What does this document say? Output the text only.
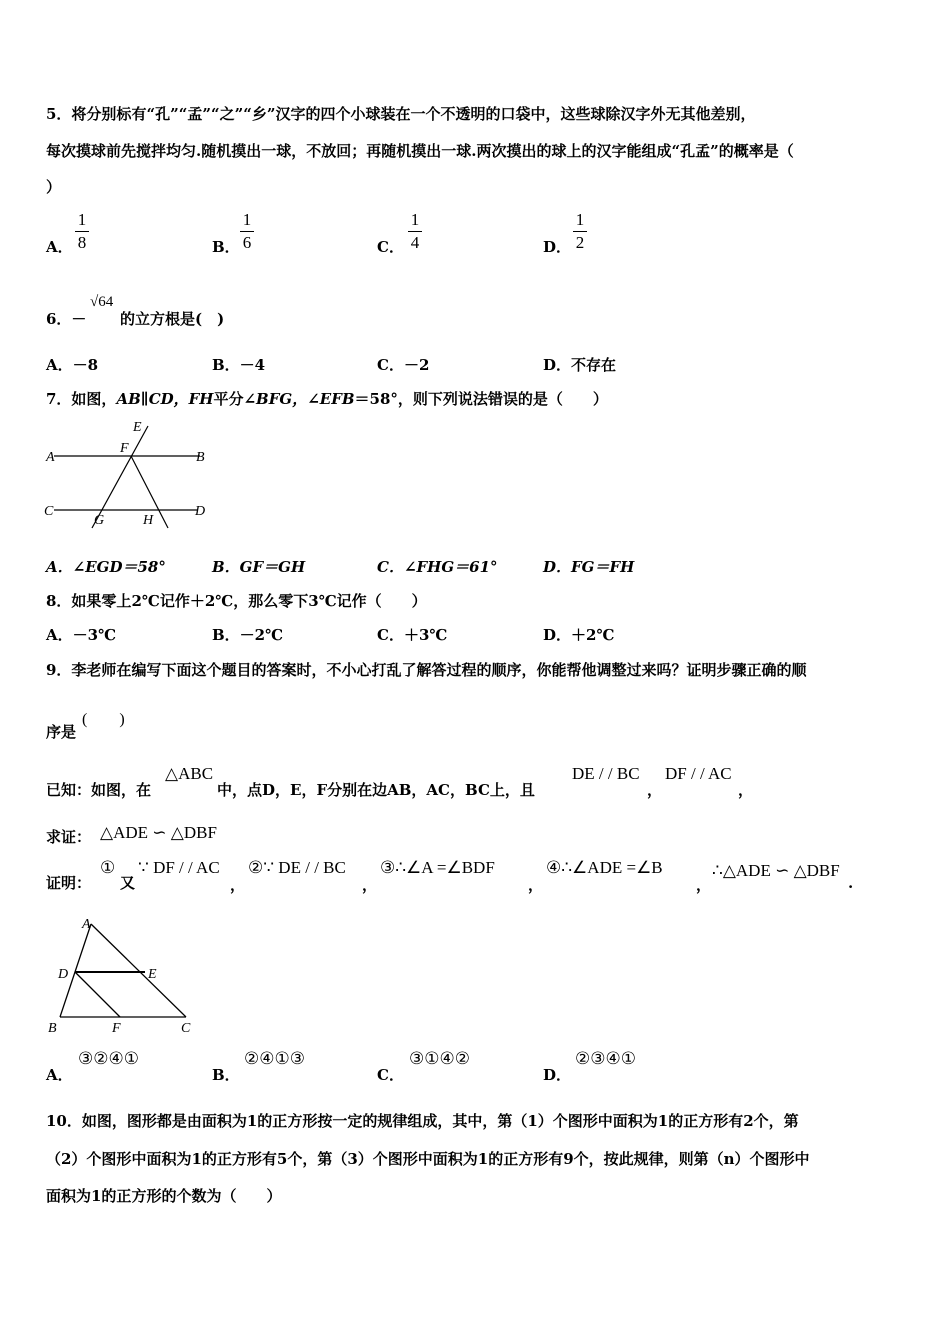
5．将分别标有“孔”“孟”“之”“乡”汉字的四个小球装在一个不透明的口袋中，这些球除汉字外无其他差别，
每次摸球前先搅拌均匀.随机摸出一球，不放回；再随机摸出一球.两次摸出的球上的汉字能组成“孔孟”的概率是（
）
A．
1
8	B．
1
6	C．
1
4	D．
1
2
6．－
√64
的立方根是(　)
A．－8	B．－4	C．－2	D．不存在
7．如图，AB∥CD，FH平分∠BFG，∠EFB＝58°，则下列说法错误的是（　　）
A	B
C	D
E
F
G	H
A．∠EGD＝58°	B．GF＝GH	C．∠FHG＝61°	D．FG＝FH
8．如果零上2℃记作＋2℃，那么零下3℃记作（　　）
A．－3℃	B．－2℃	C．＋3℃	D．＋2℃
9．李老师在编写下面这个题目的答案时，不小心打乱了解答过程的顺序，你能帮他调整过来吗？证明步骤正确的顺
序是
(　　)
已知：如图，在
△ABC
中，点D，E，F分别在边AB，AC，BC上，且
DE / / BC
，
DF / / AC
，
求证： △ADE ∽ △DBF
证明：
①
又
∵ DF / / AC
，
②∵ DE / / BC
，
③∴∠A =∠BDF
，
④∴∠ADE =∠B
，
∴△ADE ∽ △DBF
.
A
D	E
B	F	C
A．
③②④①
B．
②④①③
C．
③①④②
D．
②③④①
10．如图，图形都是由面积为1的正方形按一定的规律组成，其中，第（1）个图形中面积为1的正方形有2个，第
（2）个图形中面积为1的正方形有5个，第（3）个图形中面积为1的正方形有9个，按此规律，则第（n）个图形中
面积为1的正方形的个数为（　　）
